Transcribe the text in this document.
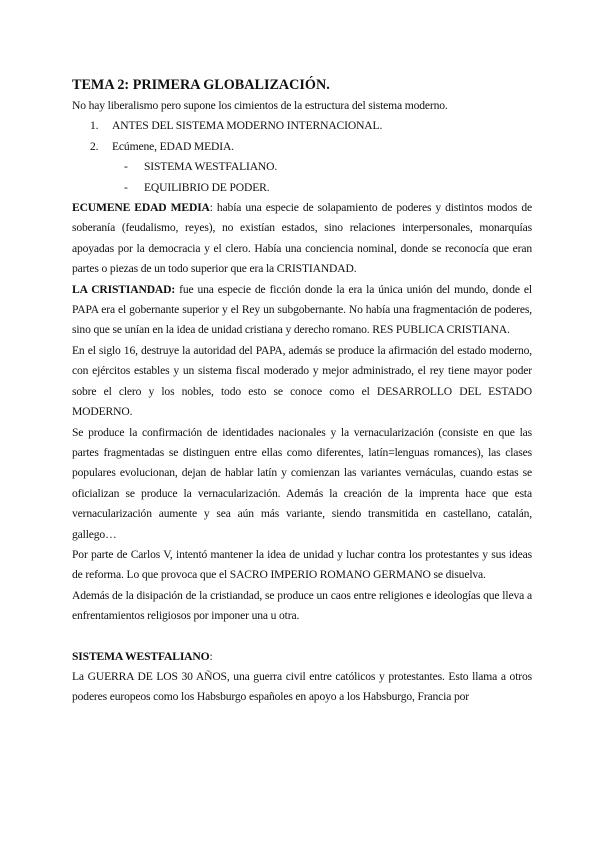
TEMA 2: PRIMERA GLOBALIZACIÓN.

No hay liberalismo pero supone los cimientos de la estructura del sistema moderno.

1. ANTES DEL SISTEMA MODERNO INTERNACIONAL.
2. Ecúmene, EDAD MEDIA.
- SISTEMA WESTFALIANO.
- EQUILIBRIO DE PODER.

ECUMENE EDAD MEDIA: había una especie de solapamiento de poderes y distintos modos de soberanía (feudalismo, reyes), no existían estados, sino relaciones interpersonales, monarquías apoyadas por la democracia y el clero. Había una conciencia nominal, donde se reconocía que eran partes o piezas de un todo superior que era la CRISTIANDAD.

LA CRISTIANDAD: fue una especie de ficción donde la era la única unión del mundo, donde el PAPA era el gobernante superior y el Rey un subgobernante. No había una fragmentación de poderes, sino que se unían en la idea de unidad cristiana y derecho romano. RES PUBLICA CRISTIANA.

En el siglo 16, destruye la autoridad del PAPA, además se produce la afirmación del estado moderno, con ejércitos estables y un sistema fiscal moderado y mejor administrado, el rey tiene mayor poder sobre el clero y los nobles, todo esto se conoce como el DESARROLLO DEL ESTADO MODERNO.

Se produce la confirmación de identidades nacionales y la vernacularización (consiste en que las partes fragmentadas se distinguen entre ellas como diferentes, latín=lenguas romances), las clases populares evolucionan, dejan de hablar latín y comienzan las variantes vernáculas, cuando estas se oficializan se produce la vernacularización. Además la creación de la imprenta hace que esta vernacularización aumente y sea aún más variante, siendo transmitida en castellano, catalán, gallego…

Por parte de Carlos V, intentó mantener la idea de unidad y luchar contra los protestantes y sus ideas de reforma. Lo que provoca que el SACRO IMPERIO ROMANO GERMANO se disuelva.

Además de la disipación de la cristiandad, se produce un caos entre religiones e ideologías que lleva a enfrentamientos religiosos por imponer una u otra.

SISTEMA WESTFALIANO:

La GUERRA DE LOS 30 AÑOS, una guerra civil entre católicos y protestantes. Esto llama a otros poderes europeos como los Habsburgo españoles en apoyo a los Habsburgo, Francia por
